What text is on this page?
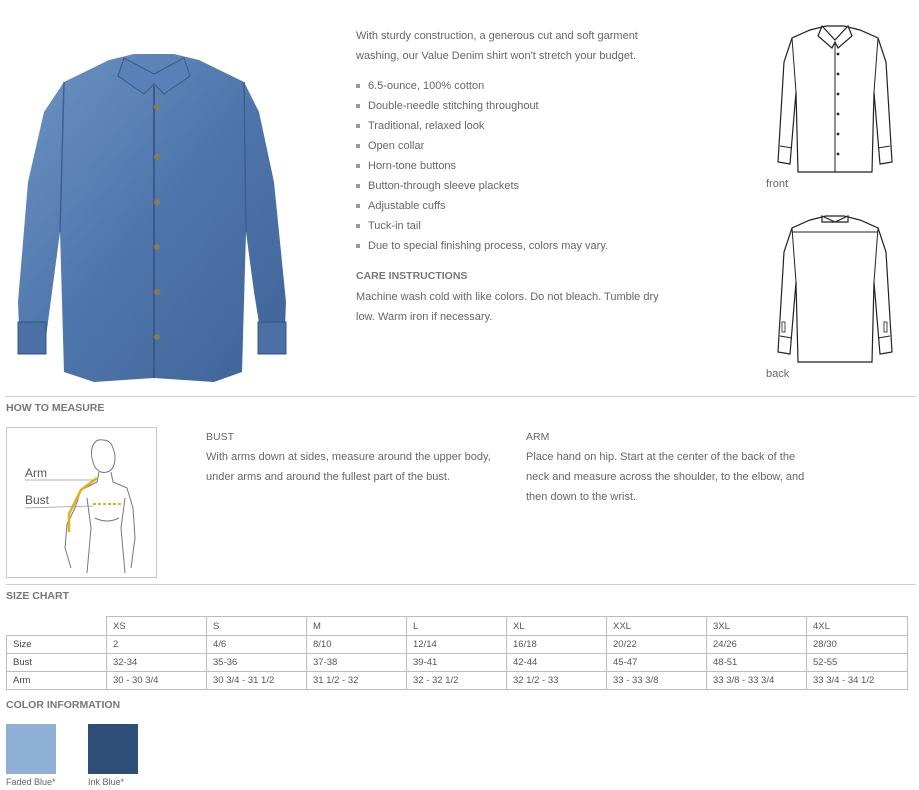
With sturdy construction, a generous cut and soft garment washing, our Value Denim shirt won't stretch your budget.
6.5-ounce, 100% cotton
Double-needle stitching throughout
Traditional, relaxed look
Open collar
Horn-tone buttons
Button-through sleeve plackets
Adjustable cuffs
Tuck-in tail
Due to special finishing process, colors may vary.
CARE INSTRUCTIONS
Machine wash cold with like colors. Do not bleach. Tumble dry low. Warm iron if necessary.
front
back
HOW TO MEASURE
Arm
Bust
BUST
With arms down at sides, measure around the upper body, under arms and around the fullest part of the bust.
ARM
Place hand on hip. Start at the center of the back of the neck and measure across the shoulder, to the elbow, and then down to the wrist.
SIZE CHART
	XS	S	M	L	XL	XXL	3XL	4XL
Size	2	4/6	8/10	12/14	16/18	20/22	24/26	28/30
Bust	32-34	35-36	37-38	39-41	42-44	45-47	48-51	52-55
Arm	30 - 30 3/4	30 3/4 - 31 1/2	31 1/2 - 32	32 - 32 1/2	32 1/2 - 33	33 - 33 3/8	33 3/8 - 33 3/4	33 3/4 - 34 1/2
COLOR INFORMATION
Faded Blue*	Ink Blue*
